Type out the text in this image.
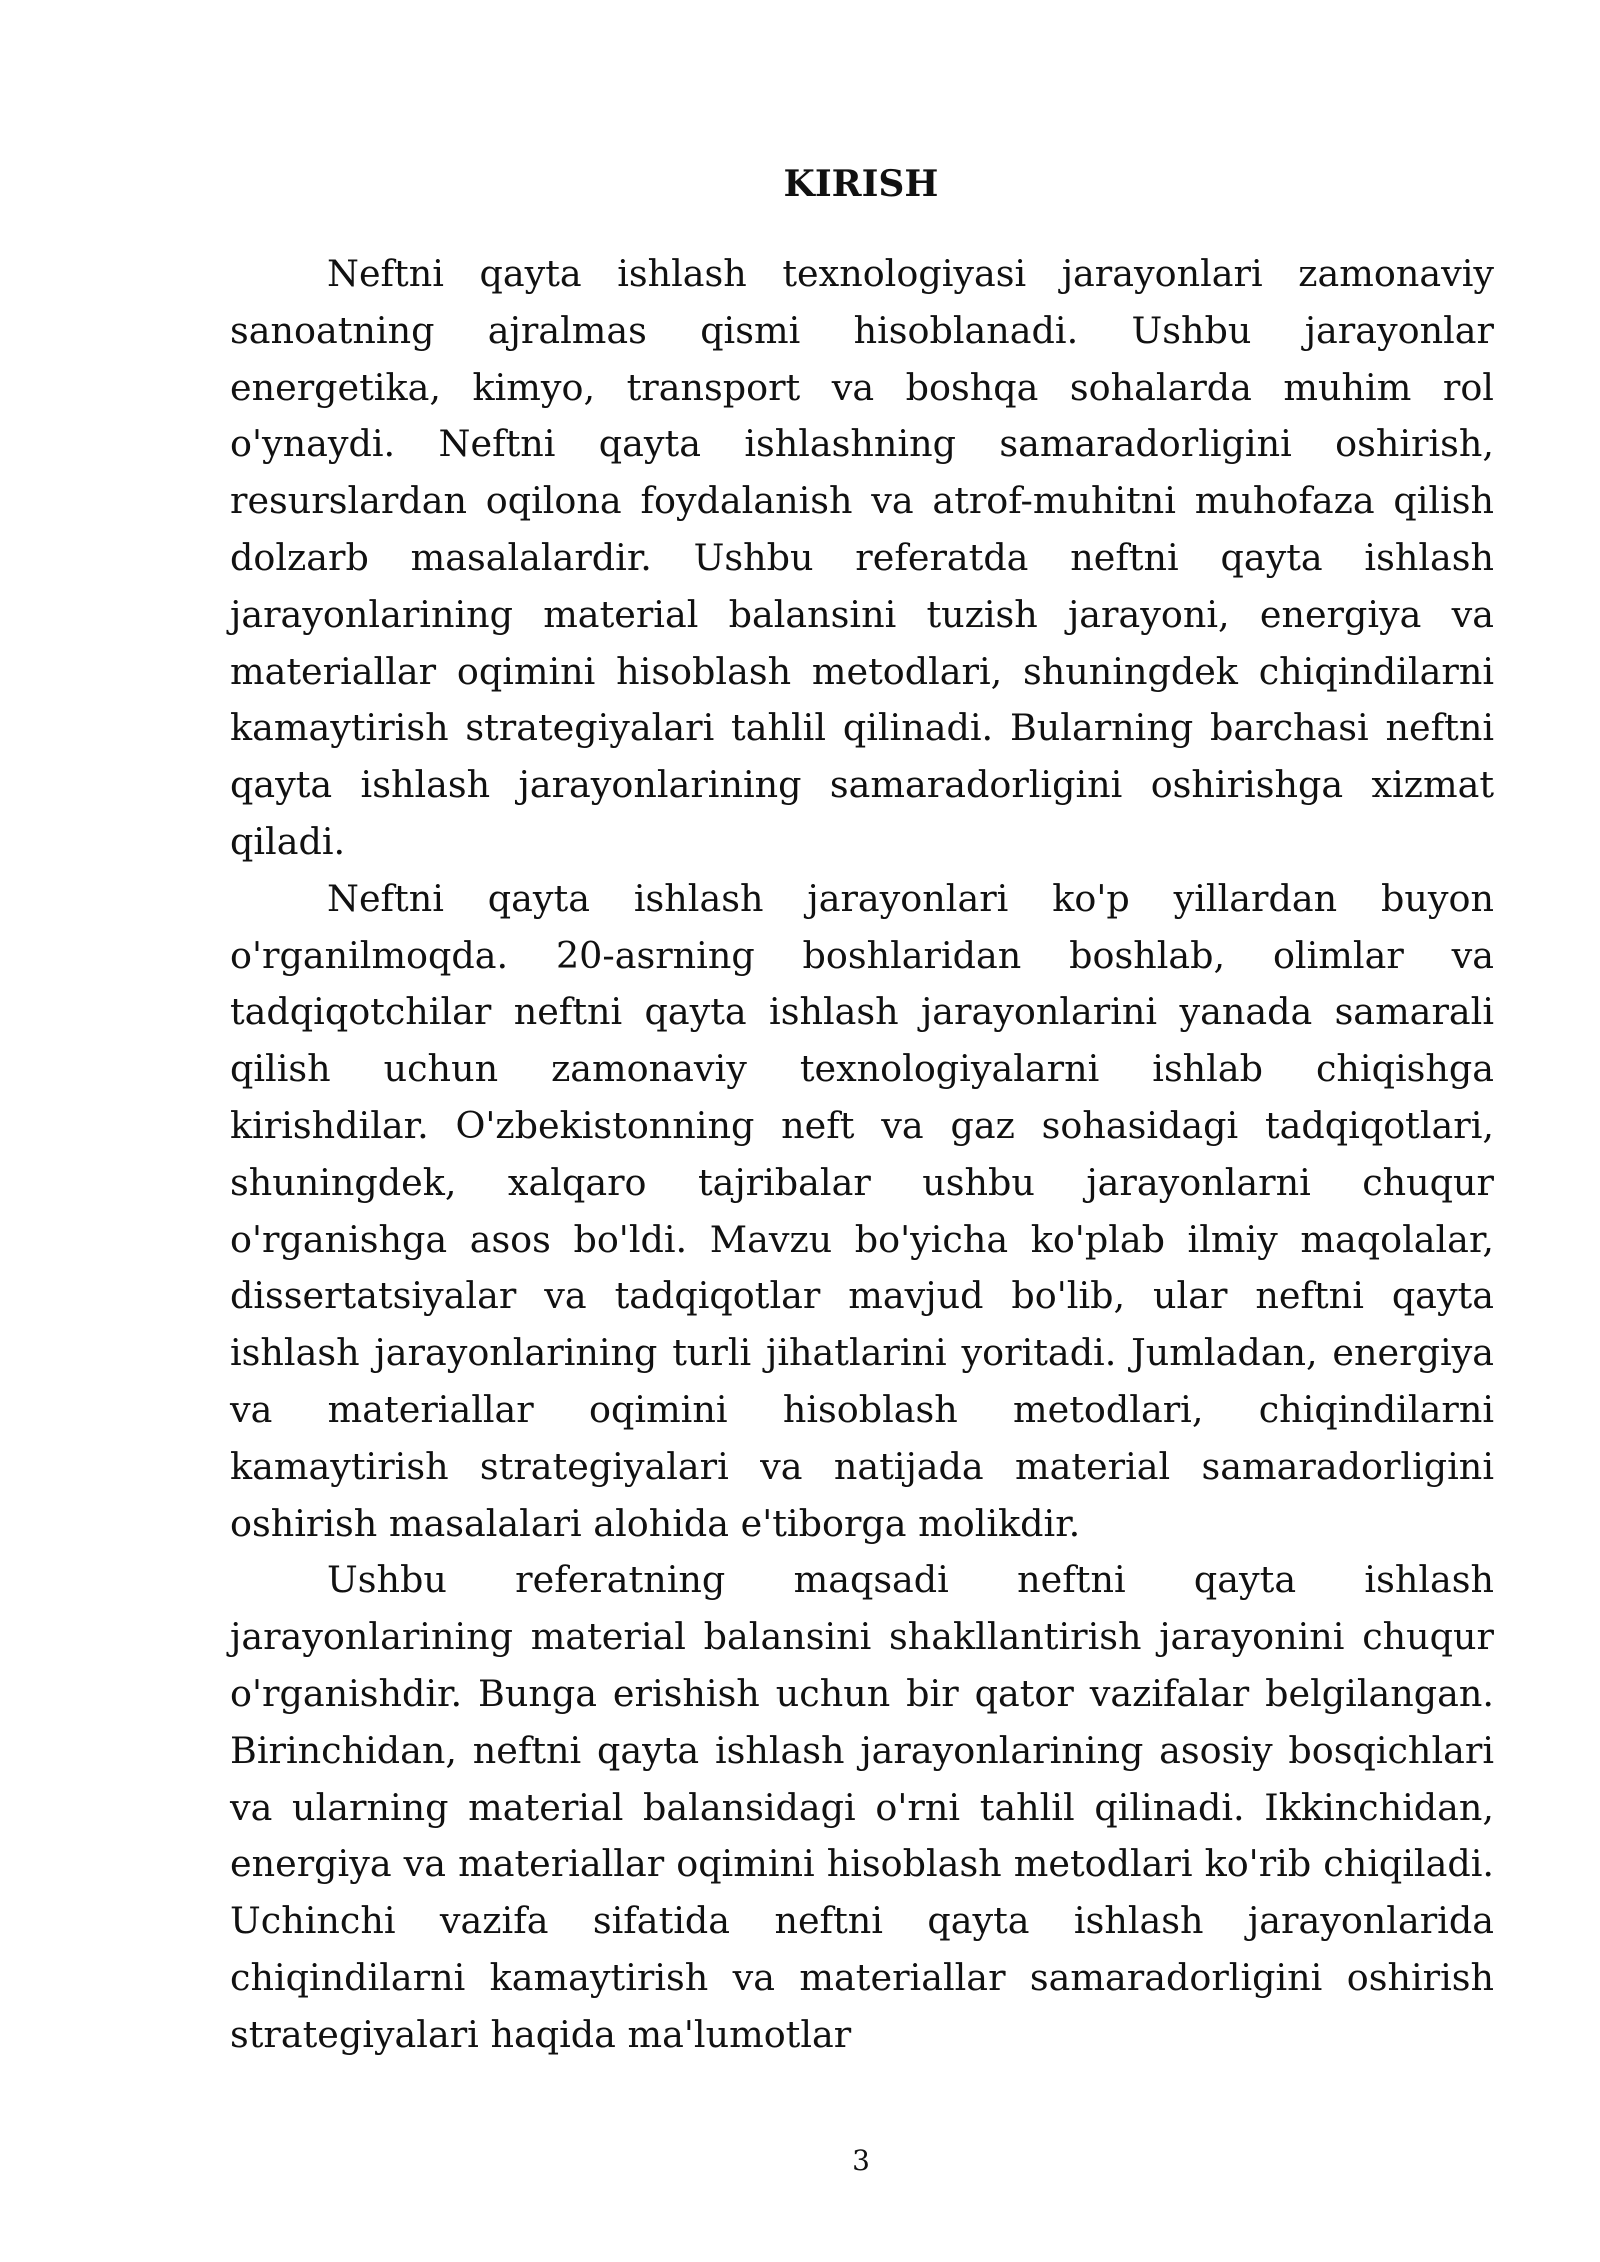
KIRISH

Neftni qayta ishlash texnologiyasi jarayonlari zamonaviy sanoatning ajralmas qismi hisoblanadi. Ushbu jarayonlar energetika, kimyo, transport va boshqa sohalarda muhim rol o'ynaydi. Neftni qayta ishlashning samaradorligini oshirish, resurslardan oqilona foydalanish va atrof-muhitni muhofaza qilish dolzarb masalalardir. Ushbu referatda neftni qayta ishlash jarayonlarining material balansini tuzish jarayoni, energiya va materiallar oqimini hisoblash metodlari, shuningdek chiqindilarni kamaytirish strategiyalari tahlil qilinadi. Bularning barchasi neftni qayta ishlash jarayonlarining samaradorligini oshirishga xizmat qiladi.

Neftni qayta ishlash jarayonlari ko'p yillardan buyon o'rganilmoqda. 20-asrning boshlaridan boshlab, olimlar va tadqiqotchilar neftni qayta ishlash jarayonlarini yanada samarali qilish uchun zamonaviy texnologiyalarni ishlab chiqishga kirishdilar. O'zbekistonning neft va gaz sohasidagi tadqiqotlari, shuningdek, xalqaro tajribalar ushbu jarayonlarni chuqur o'rganishga asos bo'ldi. Mavzu bo'yicha ko'plab ilmiy maqolalar, dissertatsiyalar va tadqiqotlar mavjud bo'lib, ular neftni qayta ishlash jarayonlarining turli jihatlarini yoritadi. Jumladan, energiya va materiallar oqimini hisoblash metodlari, chiqindilarni kamaytirish strategiyalari va natijada material samaradorligini oshirish masalalari alohida e'tiborga molikdir.

Ushbu referatning maqsadi neftni qayta ishlash jarayonlarining material balansini shakllantirish jarayonini chuqur o'rganishdir. Bunga erishish uchun bir qator vazifalar belgilangan. Birinchidan, neftni qayta ishlash jarayonlarining asosiy bosqichlari va ularning material balansidagi o'rni tahlil qilinadi. Ikkinchidan, energiya va materiallar oqimini hisoblash metodlari ko'rib chiqiladi. Uchinchi vazifa sifatida neftni qayta ishlash jarayonlarida chiqindilarni kamaytirish va materiallar samaradorligini oshirish strategiyalari haqida ma'lumotlar

3
